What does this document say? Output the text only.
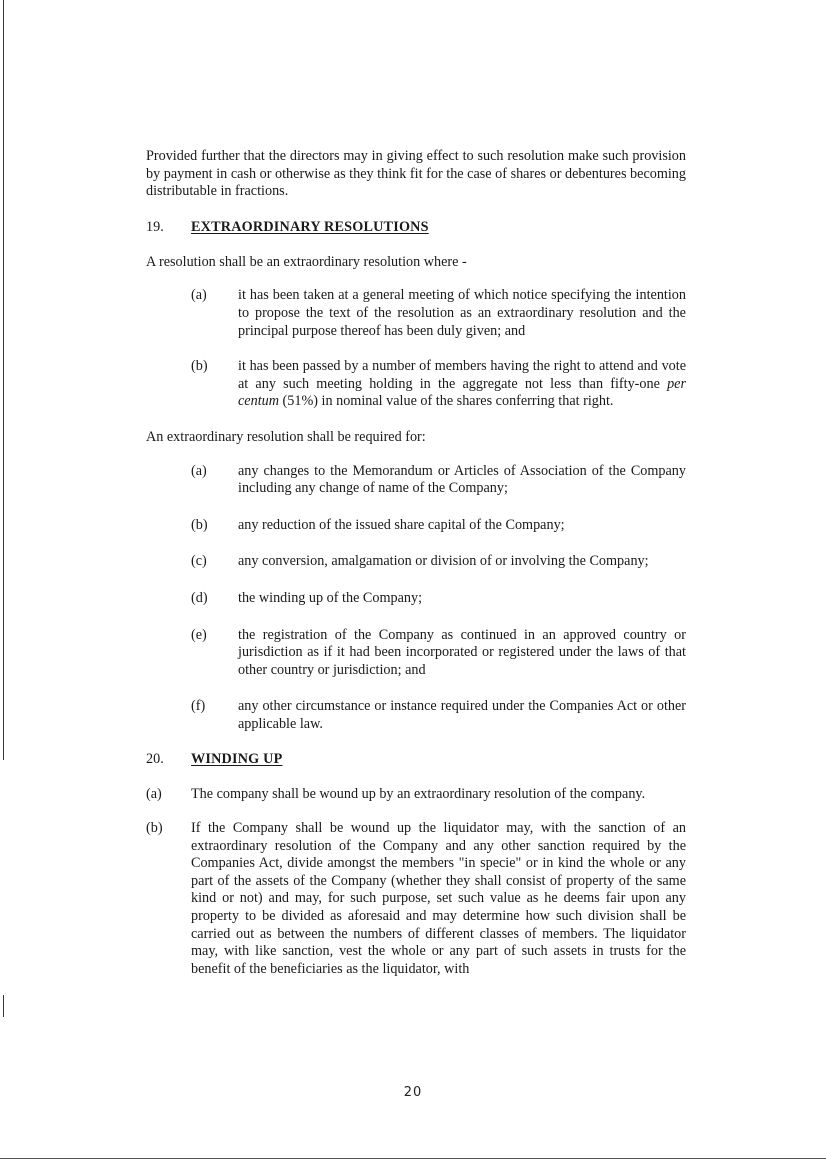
Provided further that the directors may in giving effect to such resolution make such provision by payment in cash or otherwise as they think fit for the case of shares or debentures becoming distributable in fractions.

19. EXTRAORDINARY RESOLUTIONS

A resolution shall be an extraordinary resolution where -

(a) it has been taken at a general meeting of which notice specifying the intention to propose the text of the resolution as an extraordinary resolution and the principal purpose thereof has been duly given; and

(b) it has been passed by a number of members having the right to attend and vote at any such meeting holding in the aggregate not less than fifty-one per centum (51%) in nominal value of the shares conferring that right.

An extraordinary resolution shall be required for:

(a) any changes to the Memorandum or Articles of Association of the Company including any change of name of the Company;

(b) any reduction of the issued share capital of the Company;

(c) any conversion, amalgamation or division of or involving the Company;

(d) the winding up of the Company;

(e) the registration of the Company as continued in an approved country or jurisdiction as if it had been incorporated or registered under the laws of that other country or jurisdiction; and

(f) any other circumstance or instance required under the Companies Act or other applicable law.

20. WINDING UP
(a) The company shall be wound up by an extraordinary resolution of the company.

(b) If the Company shall be wound up the liquidator may, with the sanction of an extraordinary resolution of the Company and any other sanction required by the Companies Act, divide amongst the members "in specie" or in kind the whole or any part of the assets of the Company (whether they shall consist of property of the same kind or not) and may, for such purpose, set such value as he deems fair upon any property to be divided as aforesaid and may determine how such division shall be carried out as between the numbers of different classes of members. The liquidator may, with like sanction, vest the whole or any part of such assets in trusts for the benefit of the beneficiaries as the liquidator, with

20
